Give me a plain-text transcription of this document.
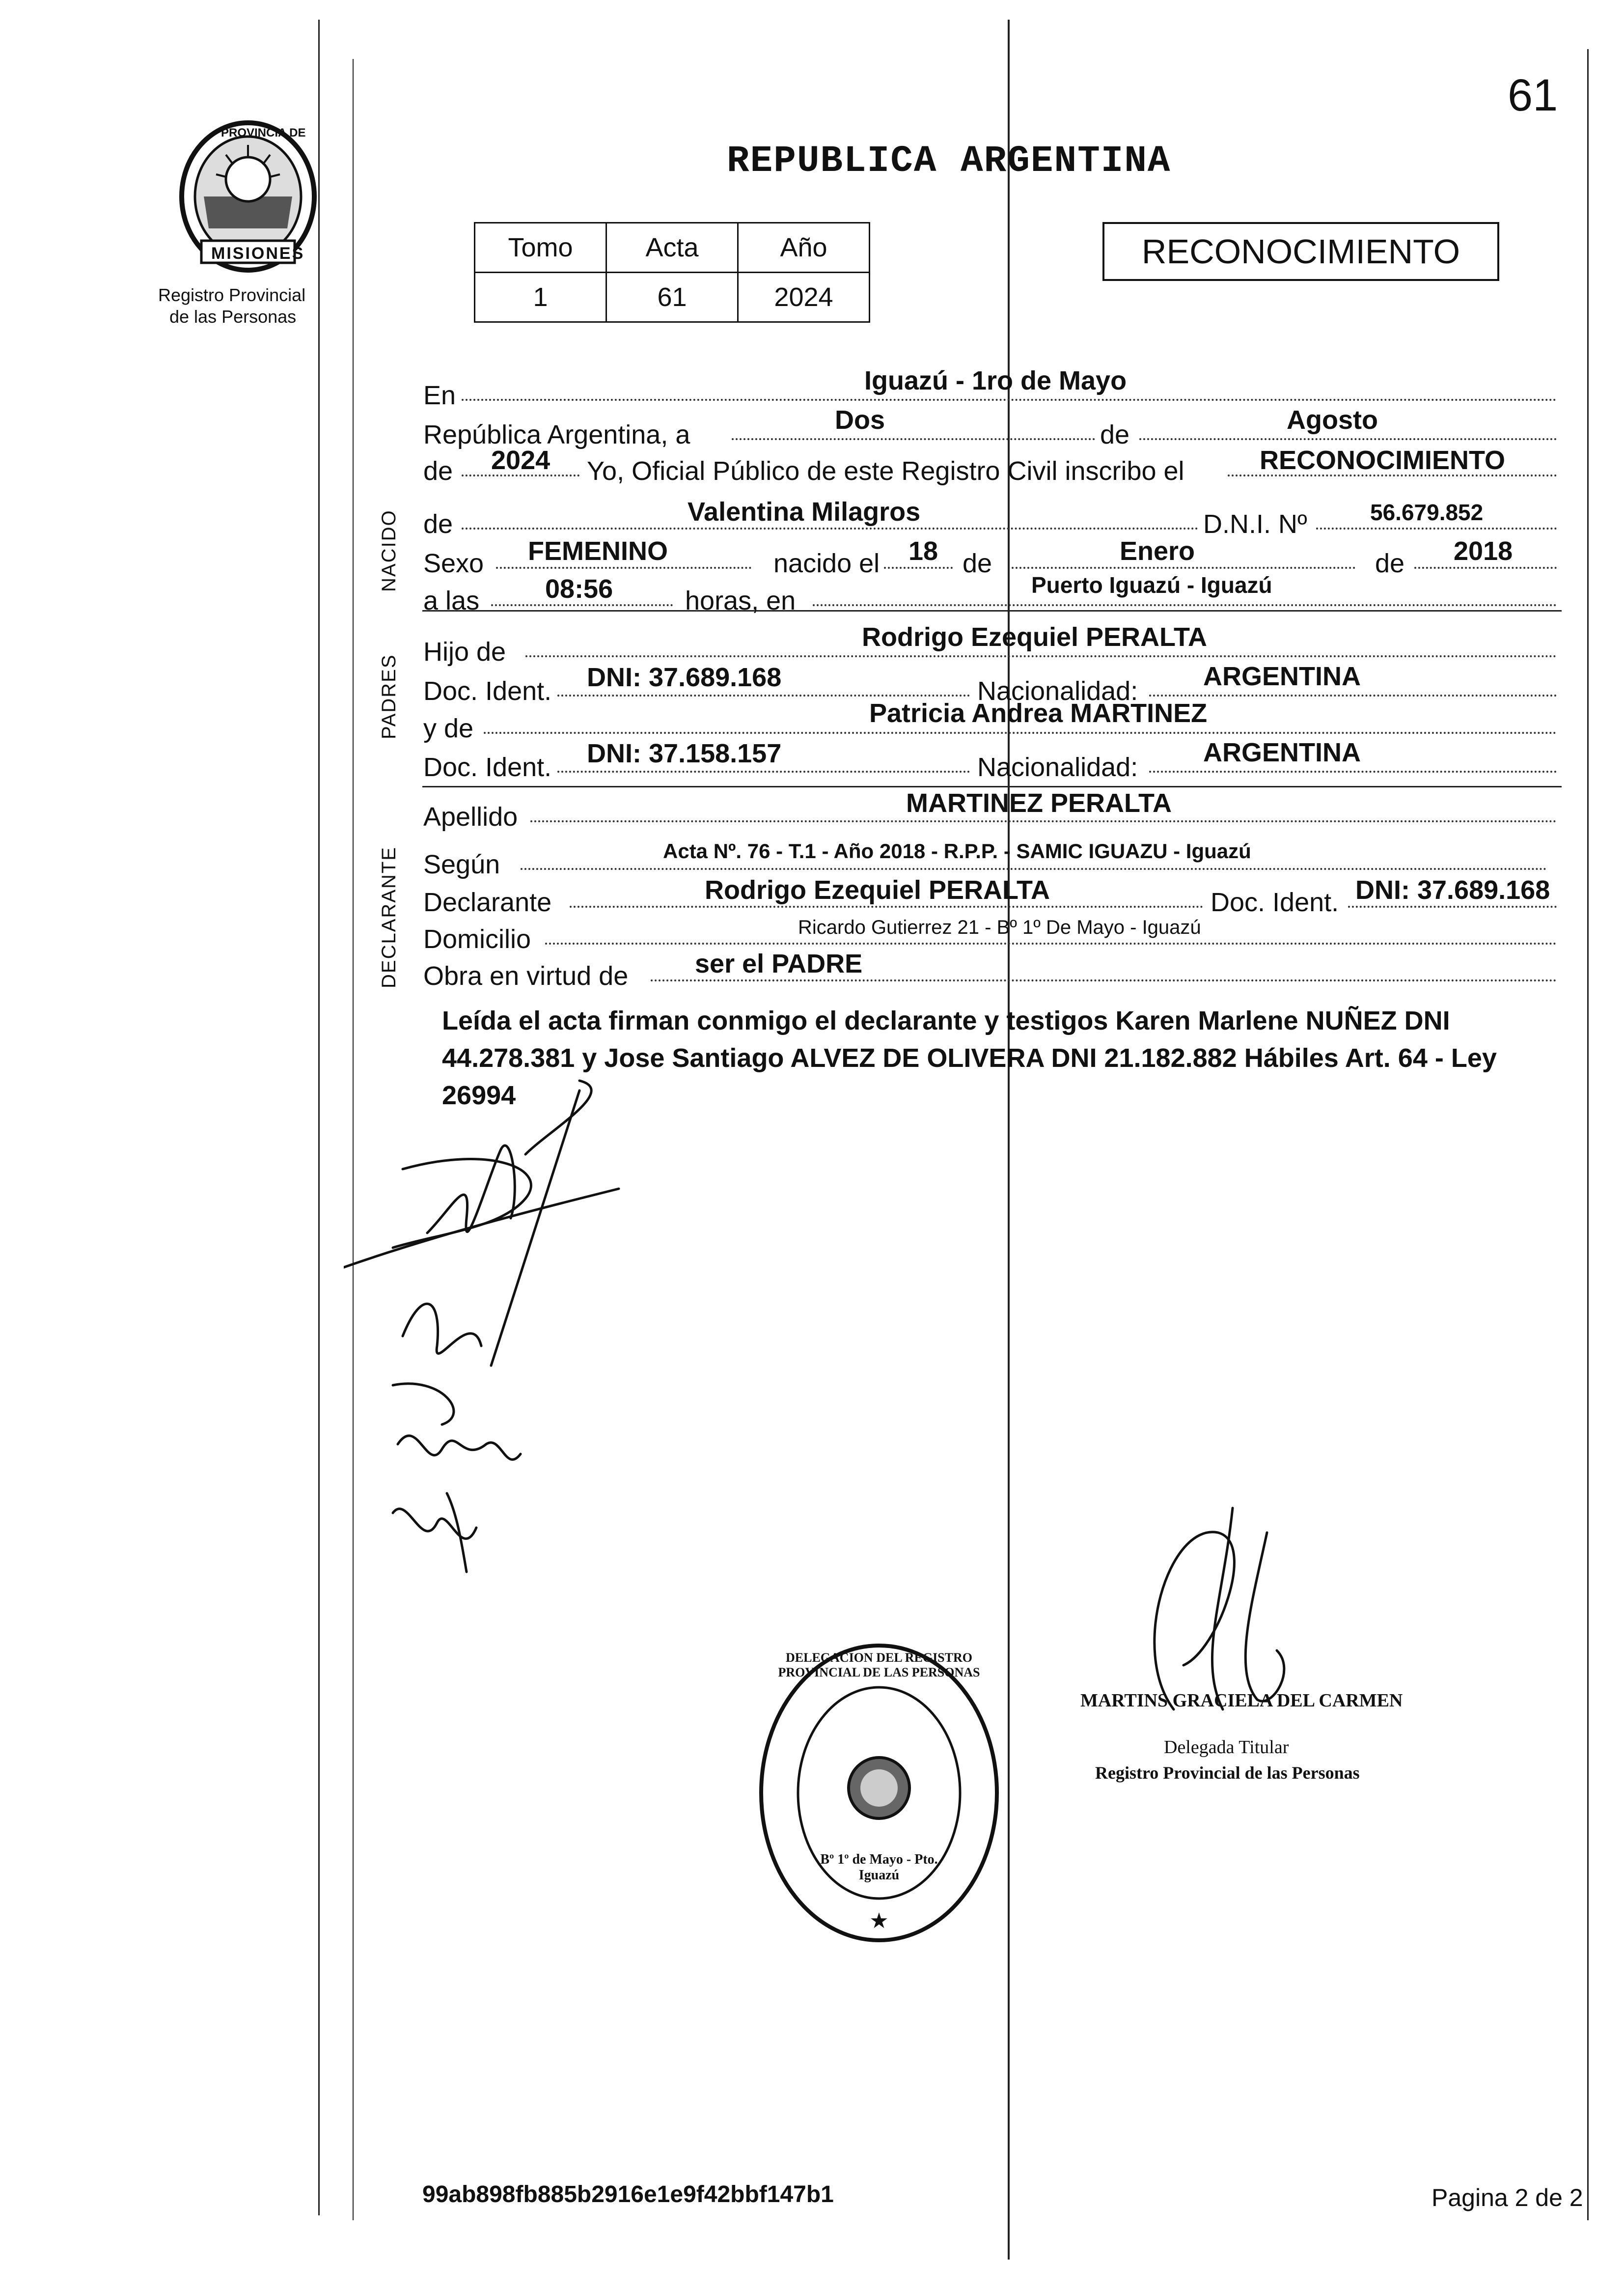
61
PROVINCIA DE
MISIONES
Registro Provincial
de las Personas
REPUBLICA ARGENTINA
Tomo	Acta	Año
1	61	2024
RECONOCIMIENTO
NACIDO
PADRES
DECLARANTE
En	Iguazú - 1ro de Mayo
República Argentina, a	Dos	de	Agosto
de 2024 Yo, Oficial Público de este Registro Civil inscribo el	RECONOCIMIENTO
de	Valentina Milagros	D.N.I. Nº	56.679.852
Sexo FEMENINO	nacido el 18 de	Enero	de 2018
a las 08:56	horas, en
Puerto Iguazú - Iguazú
Hijo de	Rodrigo Ezequiel PERALTA
Doc. Ident. DNI: 37.689.168	Nacionalidad: ARGENTINA
y de
Patricia Andrea MARTINEZ
Doc. Ident. DNI: 37.158.157	Nacionalidad: ARGENTINA
Apellido	MARTINEZ PERALTA
Según	Acta Nº. 76 - T.1 - Año 2018 - R.P.P. - SAMIC IGUAZU - Iguazú
Declarante	Rodrigo Ezequiel PERALTA	Doc. Ident. DNI: 37.689.168
Domicilio	Ricardo Gutierrez 21 - Bº 1º De Mayo - Iguazú
Obra en virtud de	ser el PADRE
Leída el acta firman conmigo el declarante y testigos Karen Marlene NUÑEZ DNI 44.278.381 y Jose Santiago ALVEZ DE OLIVERA DNI 21.182.882 Hábiles Art. 64 - Ley 26994
MARTINS GRACIELA DEL CARMEN
Delegada Titular
Registro Provincial de las Personas
★
DELEGACION DEL REGISTRO PROVINCIAL DE LAS PERSONAS
Bº 1º de Mayo - Pto. Iguazú
99ab898fb885b2916e1e9f42bbf147b1	Pagina 2 de 2
